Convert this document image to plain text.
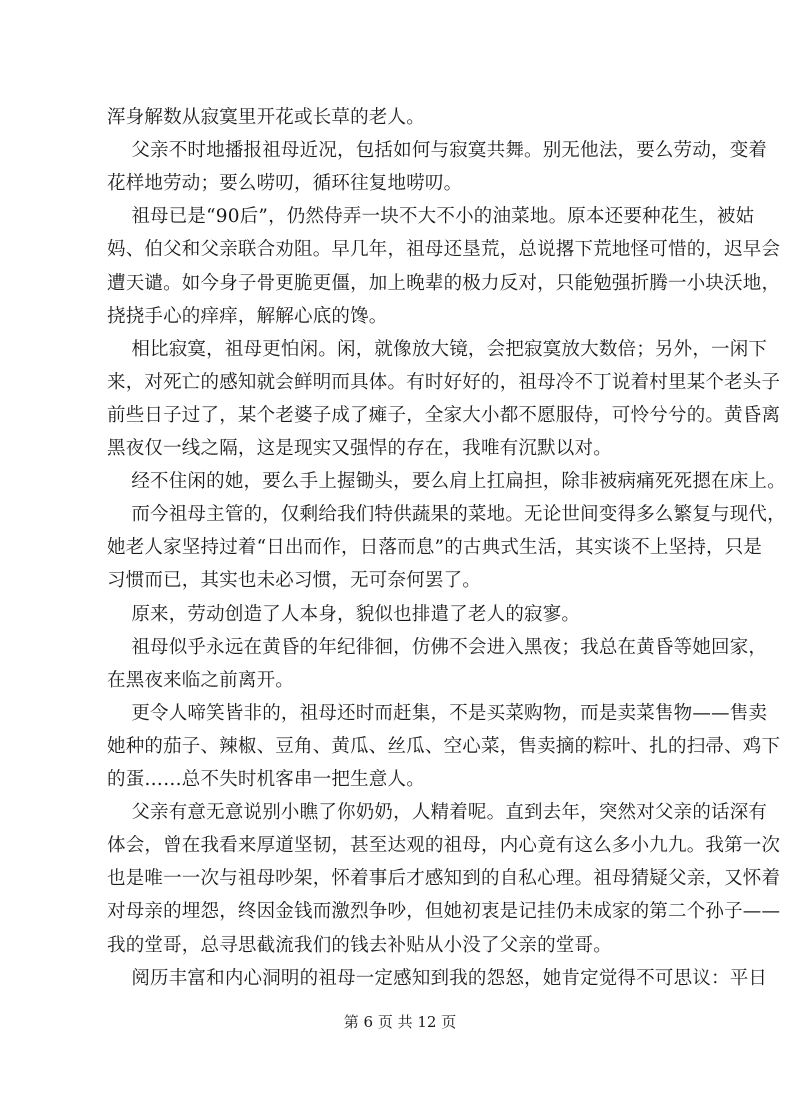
浑身解数从寂寞里开花或长草的老人。
父亲不时地播报祖母近况，包括如何与寂寞共舞。别无他法，要么劳动，变着
花样地劳动；要么唠叨，循环往复地唠叨。
祖母已是“90后”，仍然侍弄一块不大不小的油菜地。原本还要种花生，被姑
妈、伯父和父亲联合劝阻。早几年，祖母还垦荒，总说撂下荒地怪可惜的，迟早会
遭天谴。如今身子骨更脆更僵，加上晚辈的极力反对，只能勉强折腾一小块沃地，
挠挠手心的痒痒，解解心底的馋。
相比寂寞，祖母更怕闲。闲，就像放大镜，会把寂寞放大数倍；另外，一闲下
来，对死亡的感知就会鲜明而具体。有时好好的，祖母冷不丁说着村里某个老头子
前些日子过了，某个老婆子成了瘫子，全家大小都不愿服侍，可怜兮兮的。黄昏离
黑夜仅一线之隔，这是现实又强悍的存在，我唯有沉默以对。
经不住闲的她，要么手上握锄头，要么肩上扛扁担，除非被病痛死死摁在床上。
而今祖母主管的，仅剩给我们特供蔬果的菜地。无论世间变得多么繁复与现代，
她老人家坚持过着“日出而作，日落而息”的古典式生活，其实谈不上坚持，只是
习惯而已，其实也未必习惯，无可奈何罢了。
原来，劳动创造了人本身，貌似也排遣了老人的寂寥。
祖母似乎永远在黄昏的年纪徘徊，仿佛不会进入黑夜；我总在黄昏等她回家，
在黑夜来临之前离开。
更令人啼笑皆非的，祖母还时而赶集，不是买菜购物，而是卖菜售物——售卖
她种的茄子、辣椒、豆角、黄瓜、丝瓜、空心菜，售卖摘的粽叶、扎的扫帚、鸡下
的蛋……总不失时机客串一把生意人。
父亲有意无意说别小瞧了你奶奶，人精着呢。直到去年，突然对父亲的话深有
体会，曾在我看来厚道坚韧，甚至达观的祖母，内心竟有这么多小九九。我第一次
也是唯一一次与祖母吵架，怀着事后才感知到的自私心理。祖母猜疑父亲，又怀着
对母亲的埋怨，终因金钱而激烈争吵，但她初衷是记挂仍未成家的第二个孙子——
我的堂哥，总寻思截流我们的钱去补贴从小没了父亲的堂哥。
阅历丰富和内心洞明的祖母一定感知到我的怨怒，她肯定觉得不可思议：平日
第 6 页 共 12 页
